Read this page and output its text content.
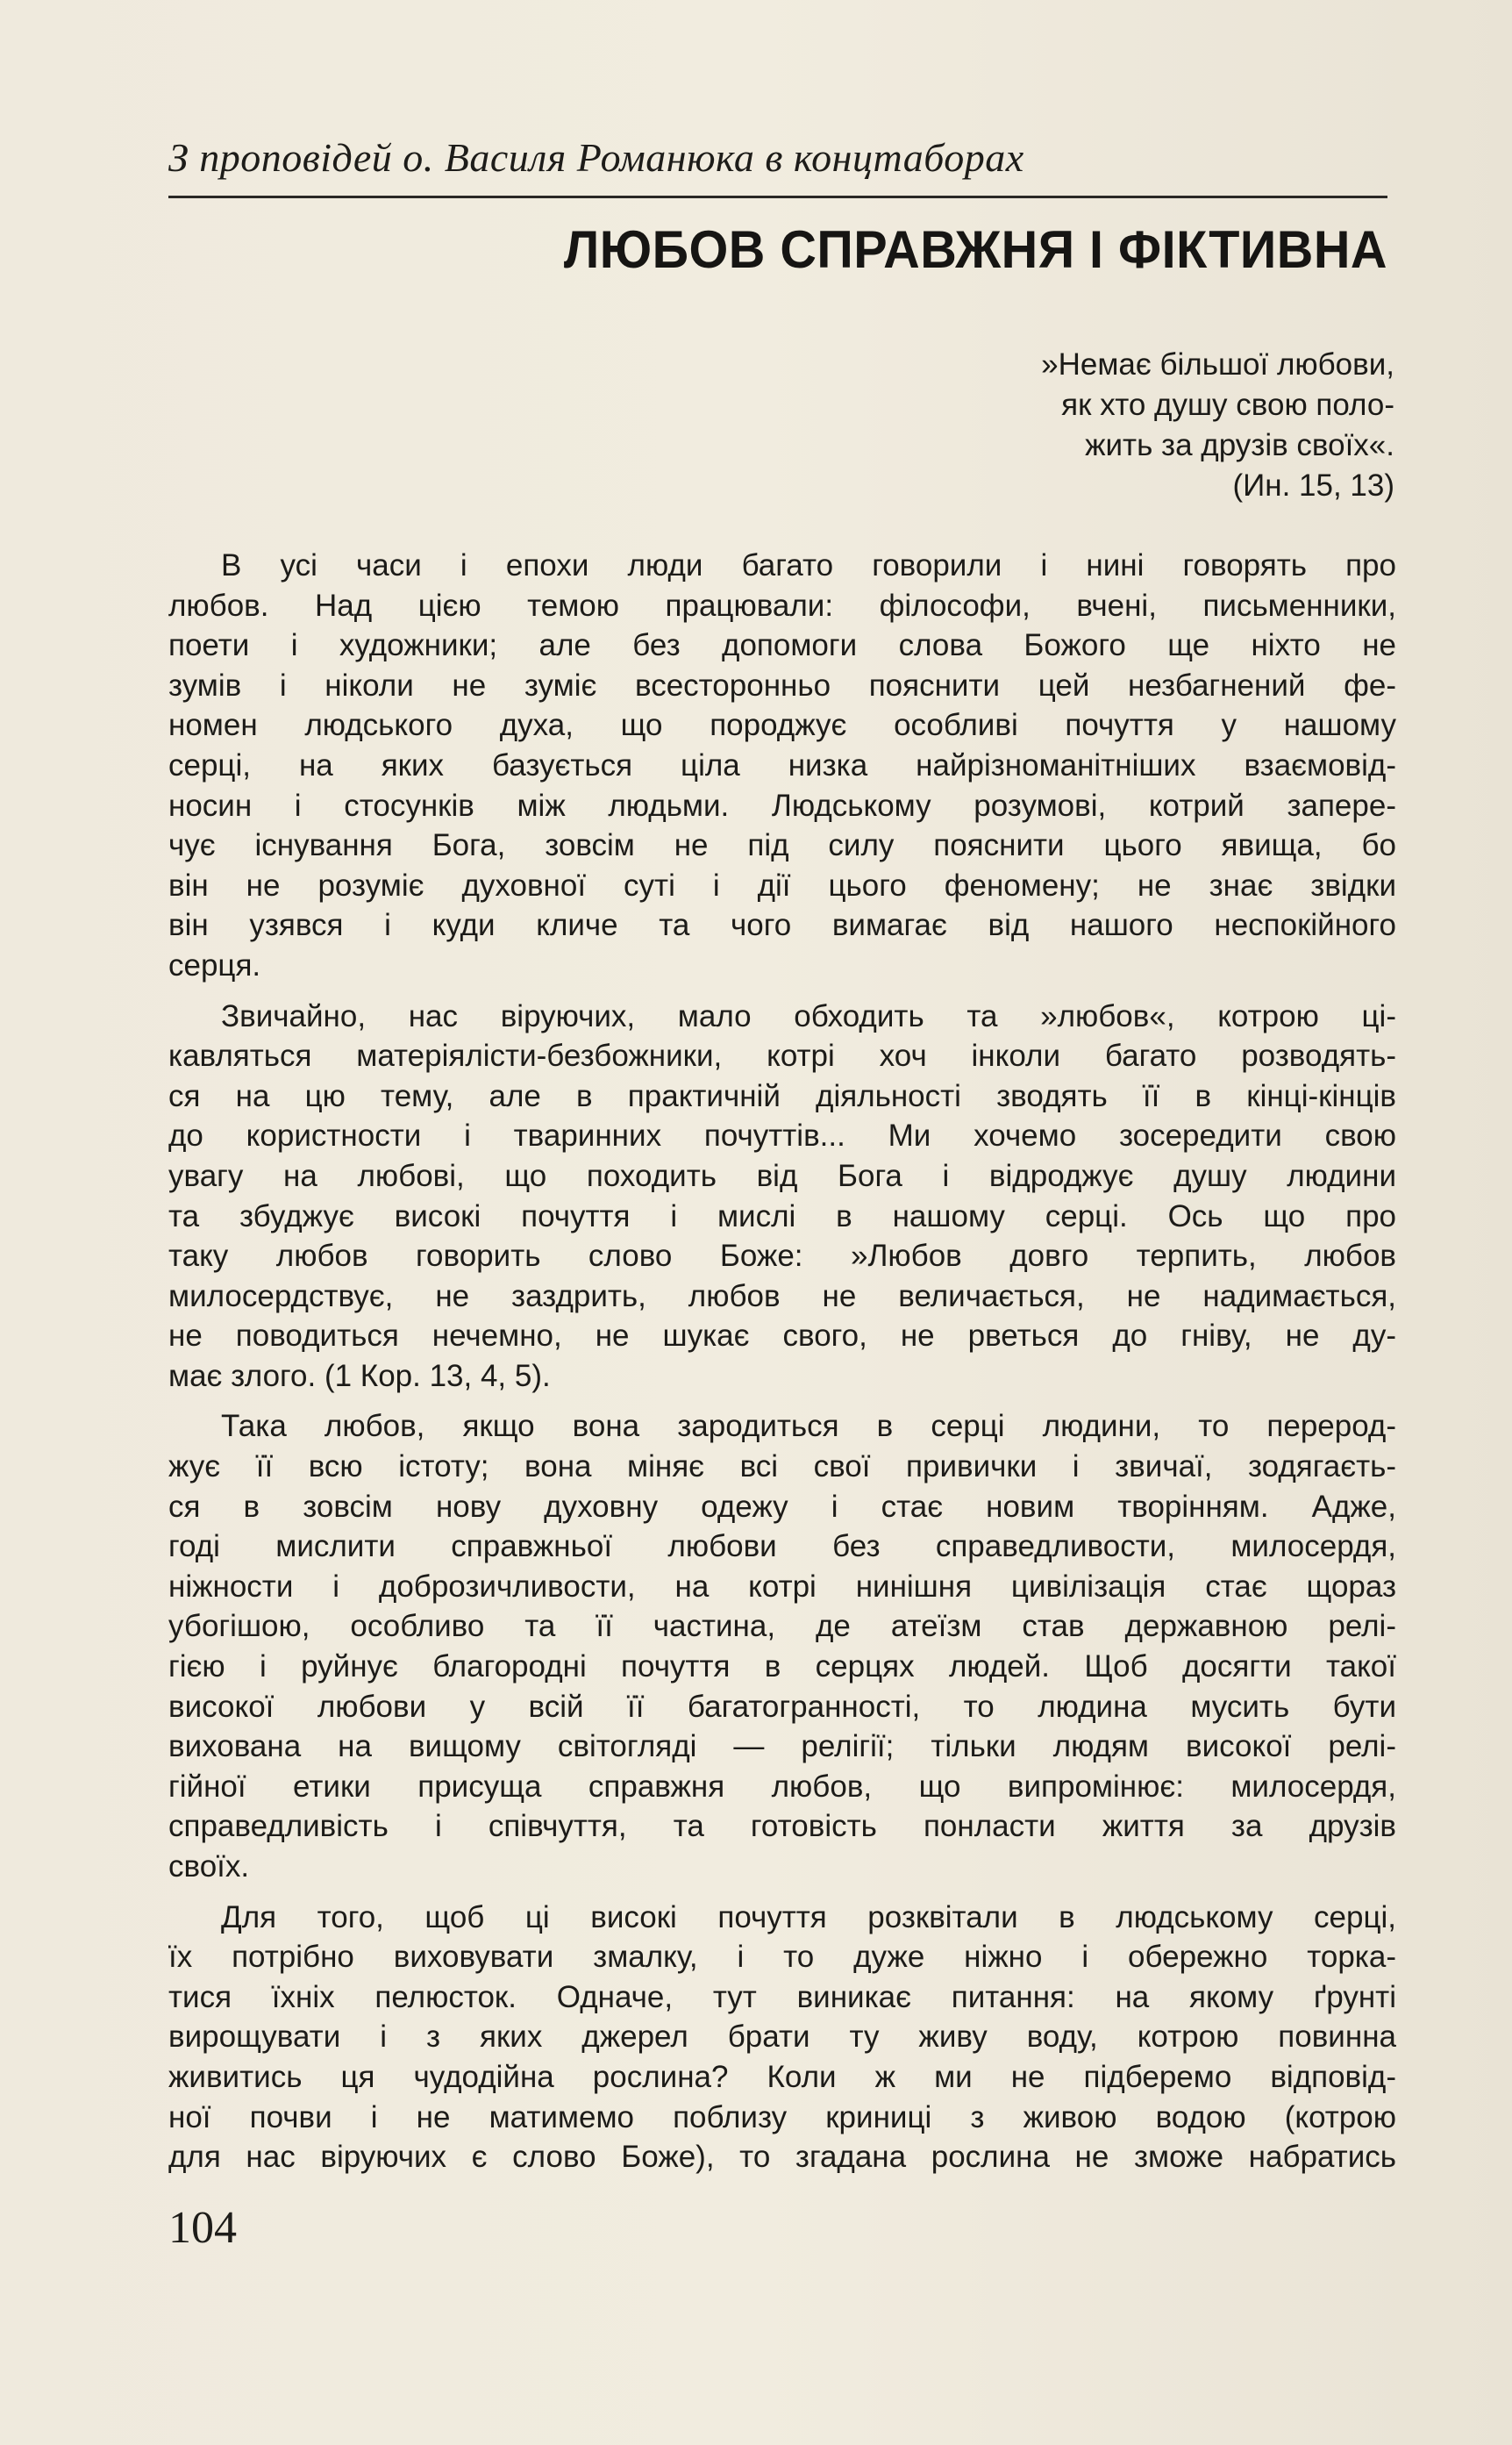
З проповідей о. Василя Романюка в концтаборах
ЛЮБОВ СПРАВЖНЯ І ФІКТИВНА
»Немає більшої любови,
як хто душу свою поло-
жить за друзів своїх«.
(Ин. 15, 13)
В усі часи і епохи люди багато говорили і нині говорять про
любов. Над цією темою працювали: філософи, вчені, письменники,
поети і художники; але без допомоги слова Божого ще ніхто не
зумів і ніколи не зуміє всесторонньо пояснити цей незбагнений фе-
номен людського духа, що породжує особливі почуття у нашому
серці, на яких базується ціла низка найрізноманітніших взаємовід-
носин і стосунків між людьми. Людському розумові, котрий запере-
чує існування Бога, зовсім не під силу пояснити цього явища, бо
він не розуміє духовної суті і дії цього феномену; не знає звідки
він узявся і куди кличе та чого вимагає від нашого неспокійного
серця.
Звичайно, нас віруючих, мало обходить та »любов«, котрою ці-
кавляться матеріялісти-безбожники, котрі хоч інколи багато розводять-
ся на цю тему, але в практичній діяльності зводять її в кінці-кінців
до користности і тваринних почуттів... Ми хочемо зосередити свою
увагу на любові, що походить від Бога і відроджує душу людини
та збуджує високі почуття і мислі в нашому серці. Ось що про
таку любов говорить слово Боже: »Любов довго терпить, любов
милосердствує, не заздрить, любов не величається, не надимається,
не поводиться нечемно, не шукає свого, не рветься до гніву, не ду-
має злого. (1 Кор. 13, 4, 5).
Така любов, якщо вона зародиться в серці людини, то перерод-
жує її всю істоту; вона міняє всі свої привички і звичаї, зодягаєть-
ся в зовсім нову духовну одежу і стає новим творінням. Адже,
годі мислити справжньої любови без справедливости, милосердя,
ніжности і доброзичливости, на котрі нинішня цивілізація стає щораз
убогішою, особливо та її частина, де атеїзм став державною релі-
гією і руйнує благородні почуття в серцях людей. Щоб досягти такої
високої любови у всій її багатогранності, то людина мусить бути
вихована на вищому світогляді — релігії; тільки людям високої релі-
гійної етики присуща справжня любов, що випромінює: милосердя,
справедливість і співчуття, та готовість понласти життя за друзів
своїх.
Для того, щоб ці високі почуття розквітали в людському серці,
їх потрібно виховувати змалку, і то дуже ніжно і обережно торка-
тися їхніх пелюсток. Одначе, тут виникає питання: на якому ґрунті
вирощувати і з яких джерел брати ту живу воду, котрою повинна
живитись ця чудодійна рослина? Коли ж ми не підберемо відповід-
ної почви і не матимемо поблизу криниці з живою водою (котрою
для нас віруючих є слово Боже), то згадана рослина не зможе набратись
104
